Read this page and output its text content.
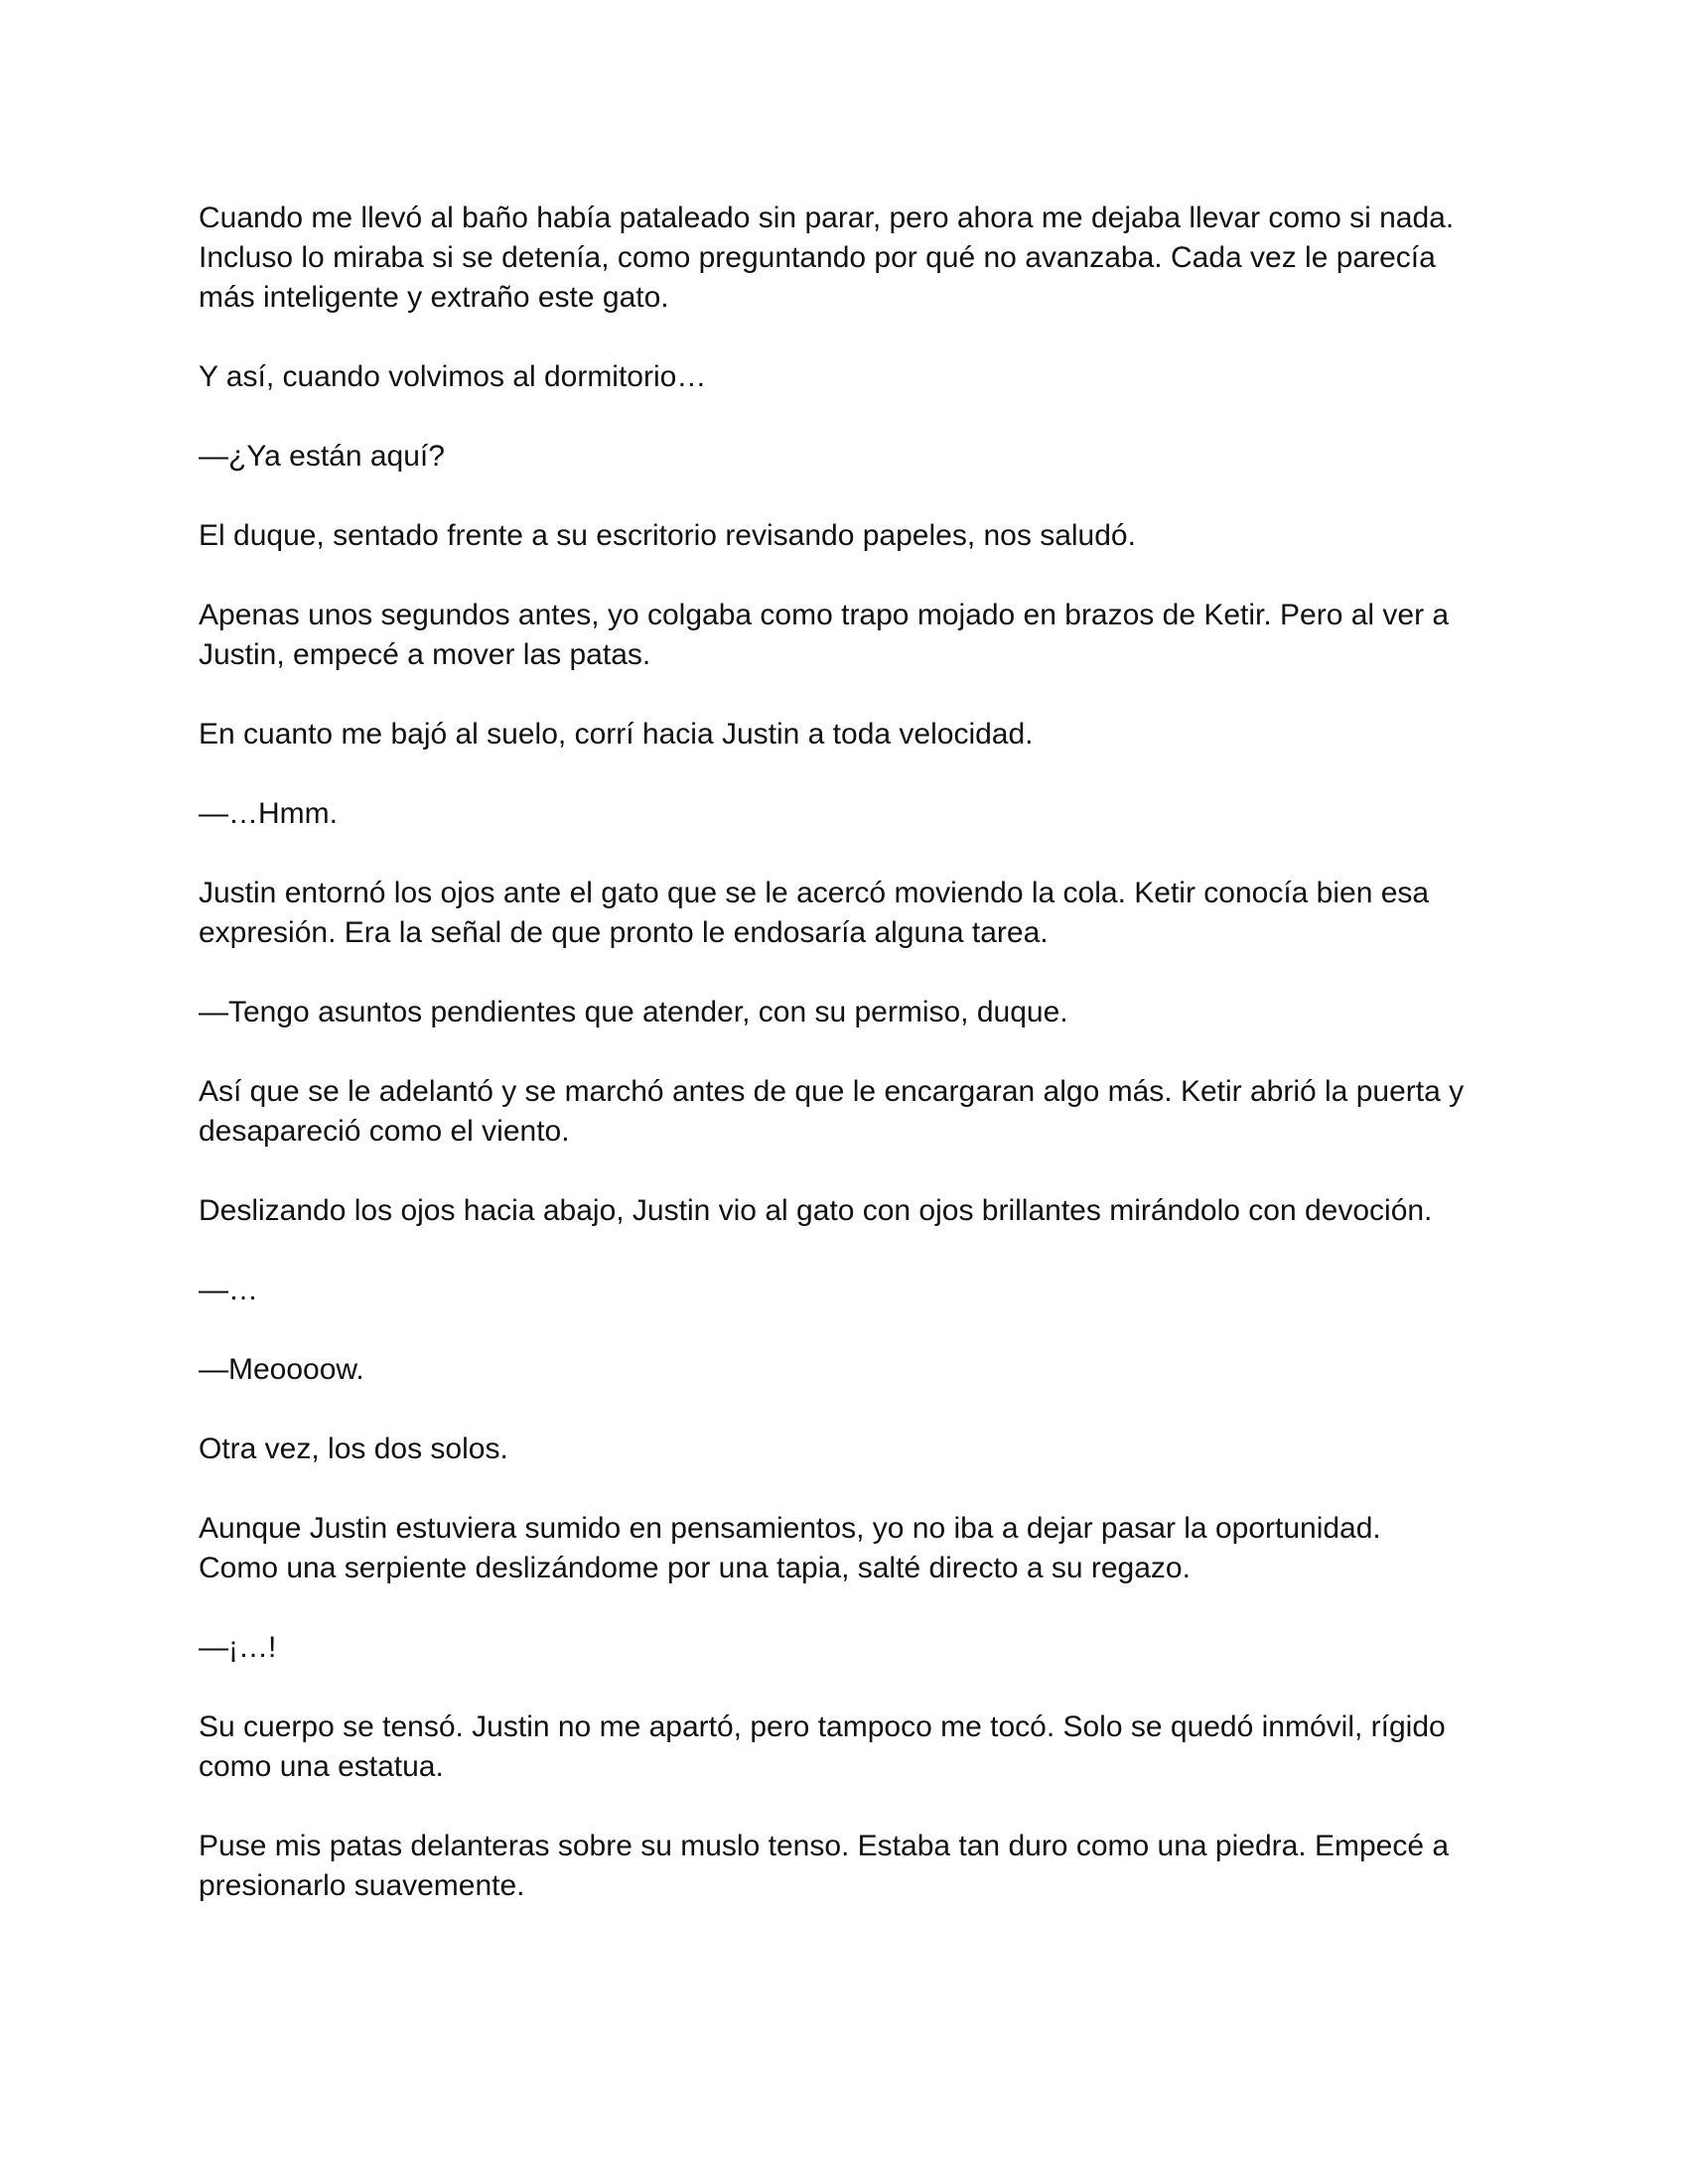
Cuando me llevó al baño había pataleado sin parar, pero ahora me dejaba llevar como si nada.
Incluso lo miraba si se detenía, como preguntando por qué no avanzaba. Cada vez le parecía
más inteligente y extraño este gato.

Y así, cuando volvimos al dormitorio…

—¿Ya están aquí?

El duque, sentado frente a su escritorio revisando papeles, nos saludó.

Apenas unos segundos antes, yo colgaba como trapo mojado en brazos de Ketir. Pero al ver a
Justin, empecé a mover las patas.

En cuanto me bajó al suelo, corrí hacia Justin a toda velocidad.

—…Hmm.

Justin entornó los ojos ante el gato que se le acercó moviendo la cola. Ketir conocía bien esa
expresión. Era la señal de que pronto le endosaría alguna tarea.

—Tengo asuntos pendientes que atender, con su permiso, duque.

Así que se le adelantó y se marchó antes de que le encargaran algo más. Ketir abrió la puerta y
desapareció como el viento.

Deslizando los ojos hacia abajo, Justin vio al gato con ojos brillantes mirándolo con devoción.

—…

—Meoooow.

Otra vez, los dos solos.

Aunque Justin estuviera sumido en pensamientos, yo no iba a dejar pasar la oportunidad.
Como una serpiente deslizándome por una tapia, salté directo a su regazo.

—¡…!

Su cuerpo se tensó. Justin no me apartó, pero tampoco me tocó. Solo se quedó inmóvil, rígido
como una estatua.

Puse mis patas delanteras sobre su muslo tenso. Estaba tan duro como una piedra. Empecé a
presionarlo suavemente.
